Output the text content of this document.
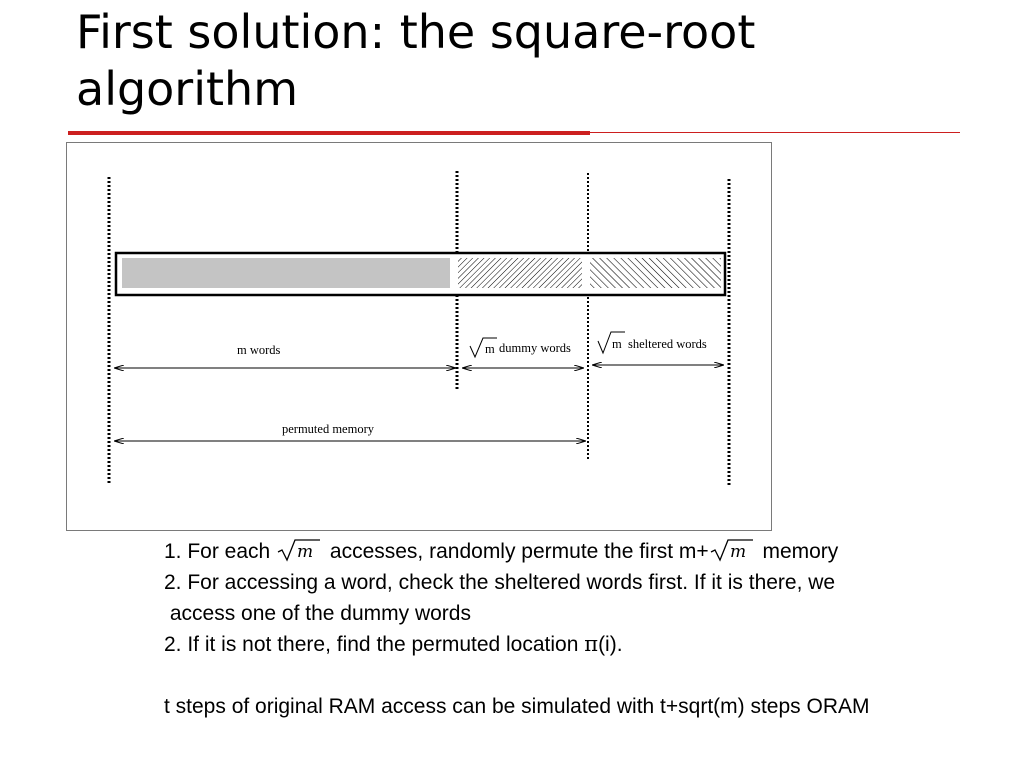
First solution: the square-root algorithm
m words	m dummy words	m sheltered words
permuted memory

1. For each m accesses, randomly permute the first m+ m memory

2. For accessing a word, check the sheltered words first. If it is there, we

access one of the dummy words

2. If it is not there, find the permuted location π(i).

t steps of original RAM access can be simulated with t+sqrt(m) steps ORAM
